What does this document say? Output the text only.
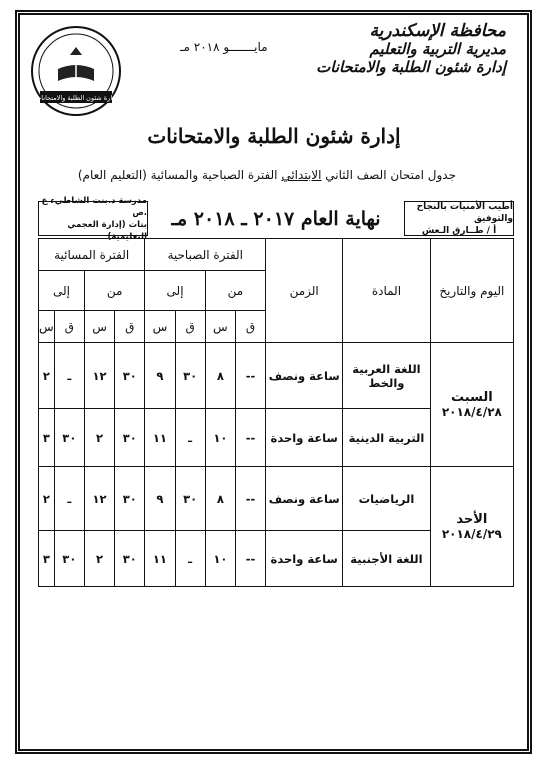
محافظة الإسكندرية
مديرية التربية والتعليم
إدارة شئون الطلبة والامتحانات
مايـــــــو ٢٠١٨ مـ
إدارة شئون الطلبة والامتحانات
إدارة شئون الطلبة والامتحانات
جدول امتحان الصف الثاني الابتدائي الفترة الصباحية والمسائية (التعليم العام)
أطيب الأمنيات بالنجاح والتوفيق
أ / طــارق الـعش
نهاية العام ٢٠١٧ ـ ٢٠١٨ مـ
مدرسة د.بنت الشاطيء ع .ص
بنات (إدارة العجمي التعليمية)
اليوم والتاريخ	المادة	الزمن	الفترة الصباحية				الفترة المسائية			
			من		إلى		من		إلى	
			ق	س	ق	س	ق	س	ق	س

السبت
٢٠١٨/٤/٢٨	اللغة العربية والخط	ساعة ونصف	--	٨	٣٠	٩	٣٠	١٢	ـ	٢
	التربية الدينية	ساعة واحدة	--	١٠	ـ	١١	٣٠	٢	٣٠	٣

الأحد
٢٠١٨/٤/٢٩	الرياضيات	ساعة ونصف	--	٨	٣٠	٩	٣٠	١٢	ـ	٢
	اللغة الأجنبية	ساعة واحدة	--	١٠	ـ	١١	٣٠	٢	٣٠	٣
